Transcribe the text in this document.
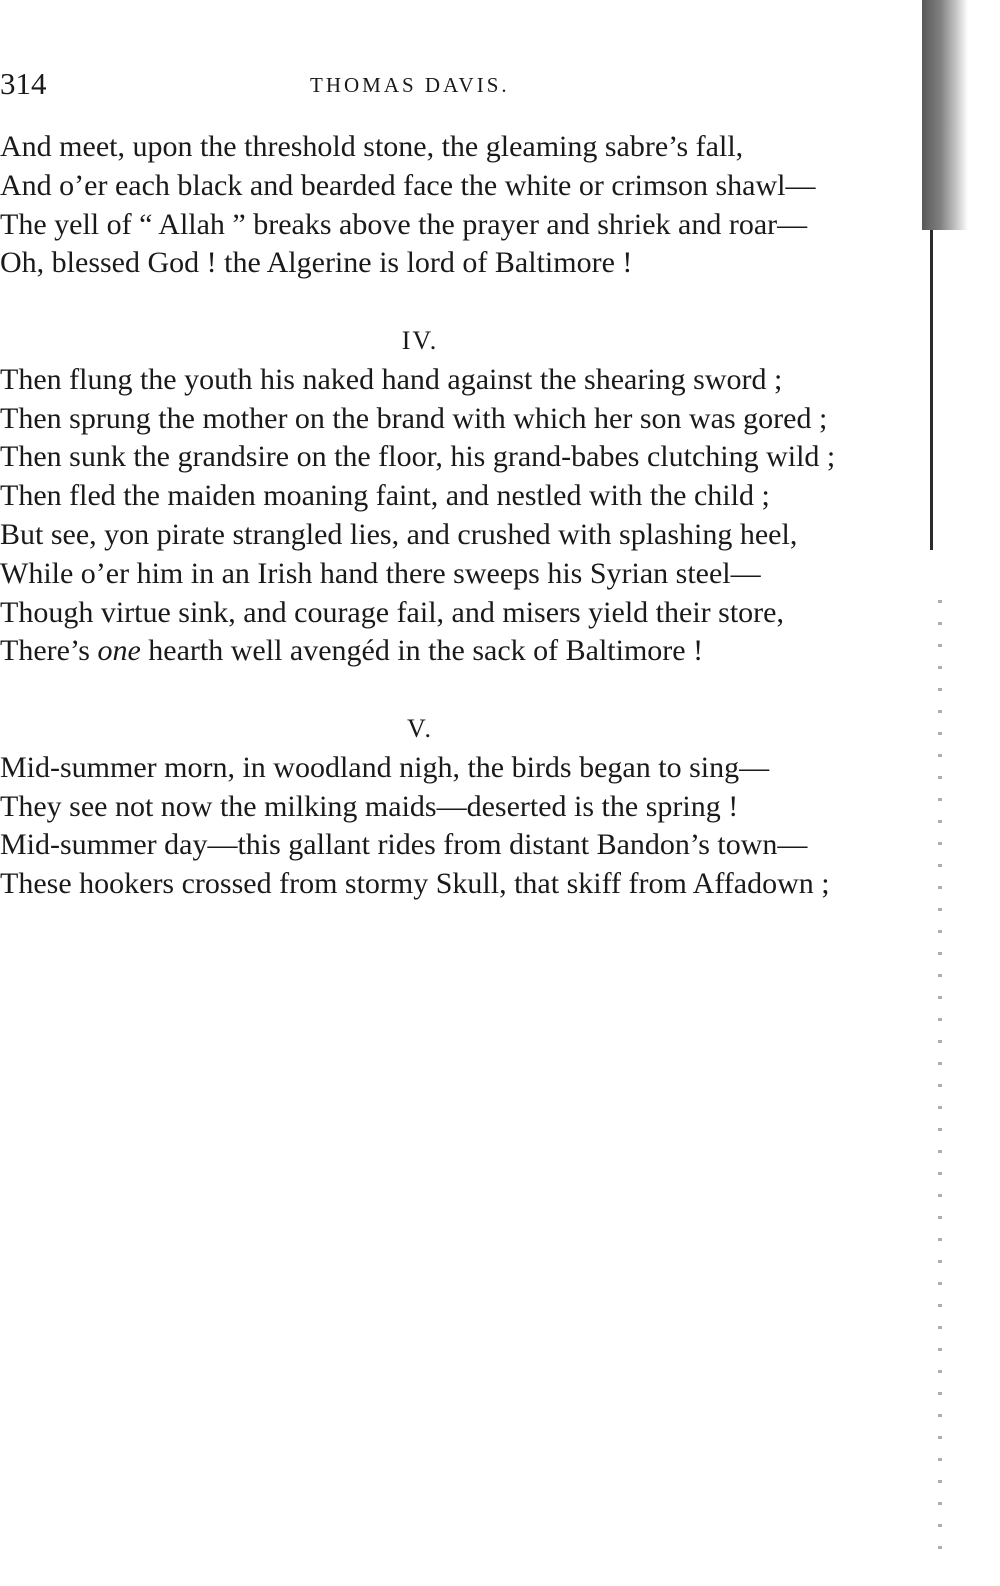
314	THOMAS DAVIS.

And meet, upon the threshold stone, the gleaming sabre’s fall,

And o’er each black and bearded face the white or crimson shawl—

The yell of “ Allah ” breaks above the prayer and shriek and roar—

Oh, blessed God ! the Algerine is lord of Baltimore !

IV.

Then flung the youth his naked hand against the shearing sword ;

Then sprung the mother on the brand with which her son was gored ;

Then sunk the grandsire on the floor, his grand-babes clutching wild ;

Then fled the maiden moaning faint, and nestled with the child ;

But see, yon pirate strangled lies, and crushed with splashing heel,

While o’er him in an Irish hand there sweeps his Syrian steel—

Though virtue sink, and courage fail, and misers yield their store,

There’s one hearth well avengéd in the sack of Baltimore !

V.

Mid-summer morn, in woodland nigh, the birds began to sing—

They see not now the milking maids—deserted is the spring !

Mid-summer day—this gallant rides from distant Bandon’s town—

These hookers crossed from stormy Skull, that skiff from Affadown ;
